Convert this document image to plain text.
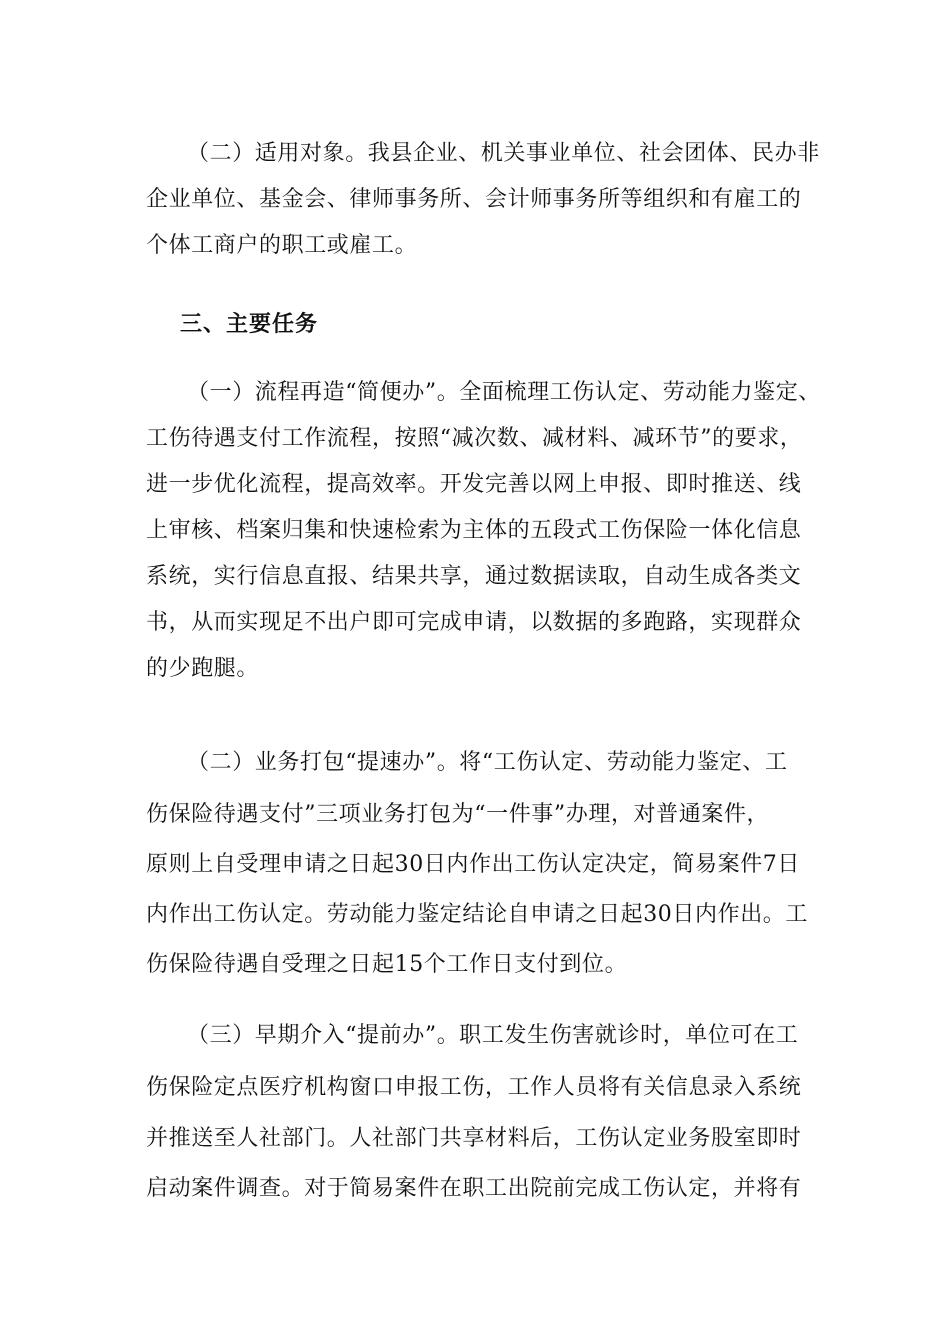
（二）适用对象。我县企业、机关事业单位、社会团体、民办非
企业单位、基金会、律师事务所、会计师事务所等组织和有雇工的
个体工商户的职工或雇工。
三、主要任务
（一）流程再造“简便办”。全面梳理工伤认定、劳动能力鉴定、
工伤待遇支付工作流程，按照“减次数、减材料、减环节”的要求，
进一步优化流程，提高效率。开发完善以网上申报、即时推送、线
上审核、档案归集和快速检索为主体的五段式工伤保险一体化信息
系统，实行信息直报、结果共享，通过数据读取，自动生成各类文
书，从而实现足不出户即可完成申请，以数据的多跑路，实现群众
的少跑腿。
（二）业务打包“提速办”。将“工伤认定、劳动能力鉴定、工
伤保险待遇支付”三项业务打包为“一件事”办理，对普通案件，
原则上自受理申请之日起30日内作出工伤认定决定，简易案件7日
内作出工伤认定。劳动能力鉴定结论自申请之日起30日内作出。工
伤保险待遇自受理之日起15个工作日支付到位。
（三）早期介入“提前办”。职工发生伤害就诊时，单位可在工
伤保险定点医疗机构窗口申报工伤，工作人员将有关信息录入系统
并推送至人社部门。人社部门共享材料后，工伤认定业务股室即时
启动案件调查。对于简易案件在职工出院前完成工伤认定，并将有
